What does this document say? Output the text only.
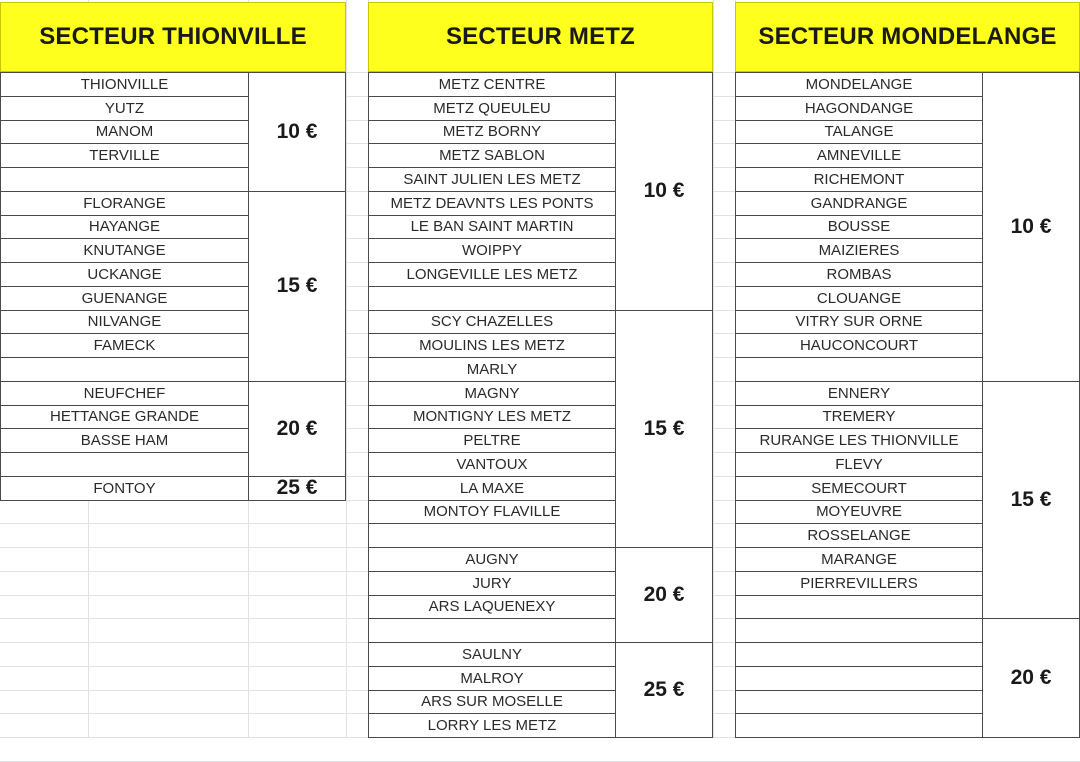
SECTEUR THIONVILLE	SECTEUR METZ	SECTEUR MONDELANGE
THIONVILLE
YUTZ
MANOM
TERVILLE
10 €
FLORANGE
HAYANGE
KNUTANGE
UCKANGE
GUENANGE
NILVANGE
FAMECK
15 €
NEUFCHEF
HETTANGE GRANDE
BASSE HAM
20 €
FONTOY	25 €
METZ CENTRE
METZ QUEULEU
METZ BORNY
METZ SABLON
SAINT JULIEN LES METZ
METZ DEAVNTS LES PONTS
LE BAN SAINT MARTIN
WOIPPY
LONGEVILLE LES METZ
10 €
SCY CHAZELLES
MOULINS LES METZ
MARLY
MAGNY
MONTIGNY LES METZ
PELTRE
VANTOUX
LA MAXE
MONTOY FLAVILLE
15 €
AUGNY
JURY
ARS LAQUENEXY
20 €
SAULNY
MALROY
ARS SUR MOSELLE
LORRY LES METZ
25 €
MONDELANGE
HAGONDANGE
TALANGE
AMNEVILLE
RICHEMONT
GANDRANGE
BOUSSE
MAIZIERES
ROMBAS
CLOUANGE
VITRY SUR ORNE
HAUCONCOURT
10 €
ENNERY
TREMERY
RURANGE LES THIONVILLE
FLEVY
SEMECOURT
MOYEUVRE
ROSSELANGE
MARANGE
PIERREVILLERS
15 €
20 €
